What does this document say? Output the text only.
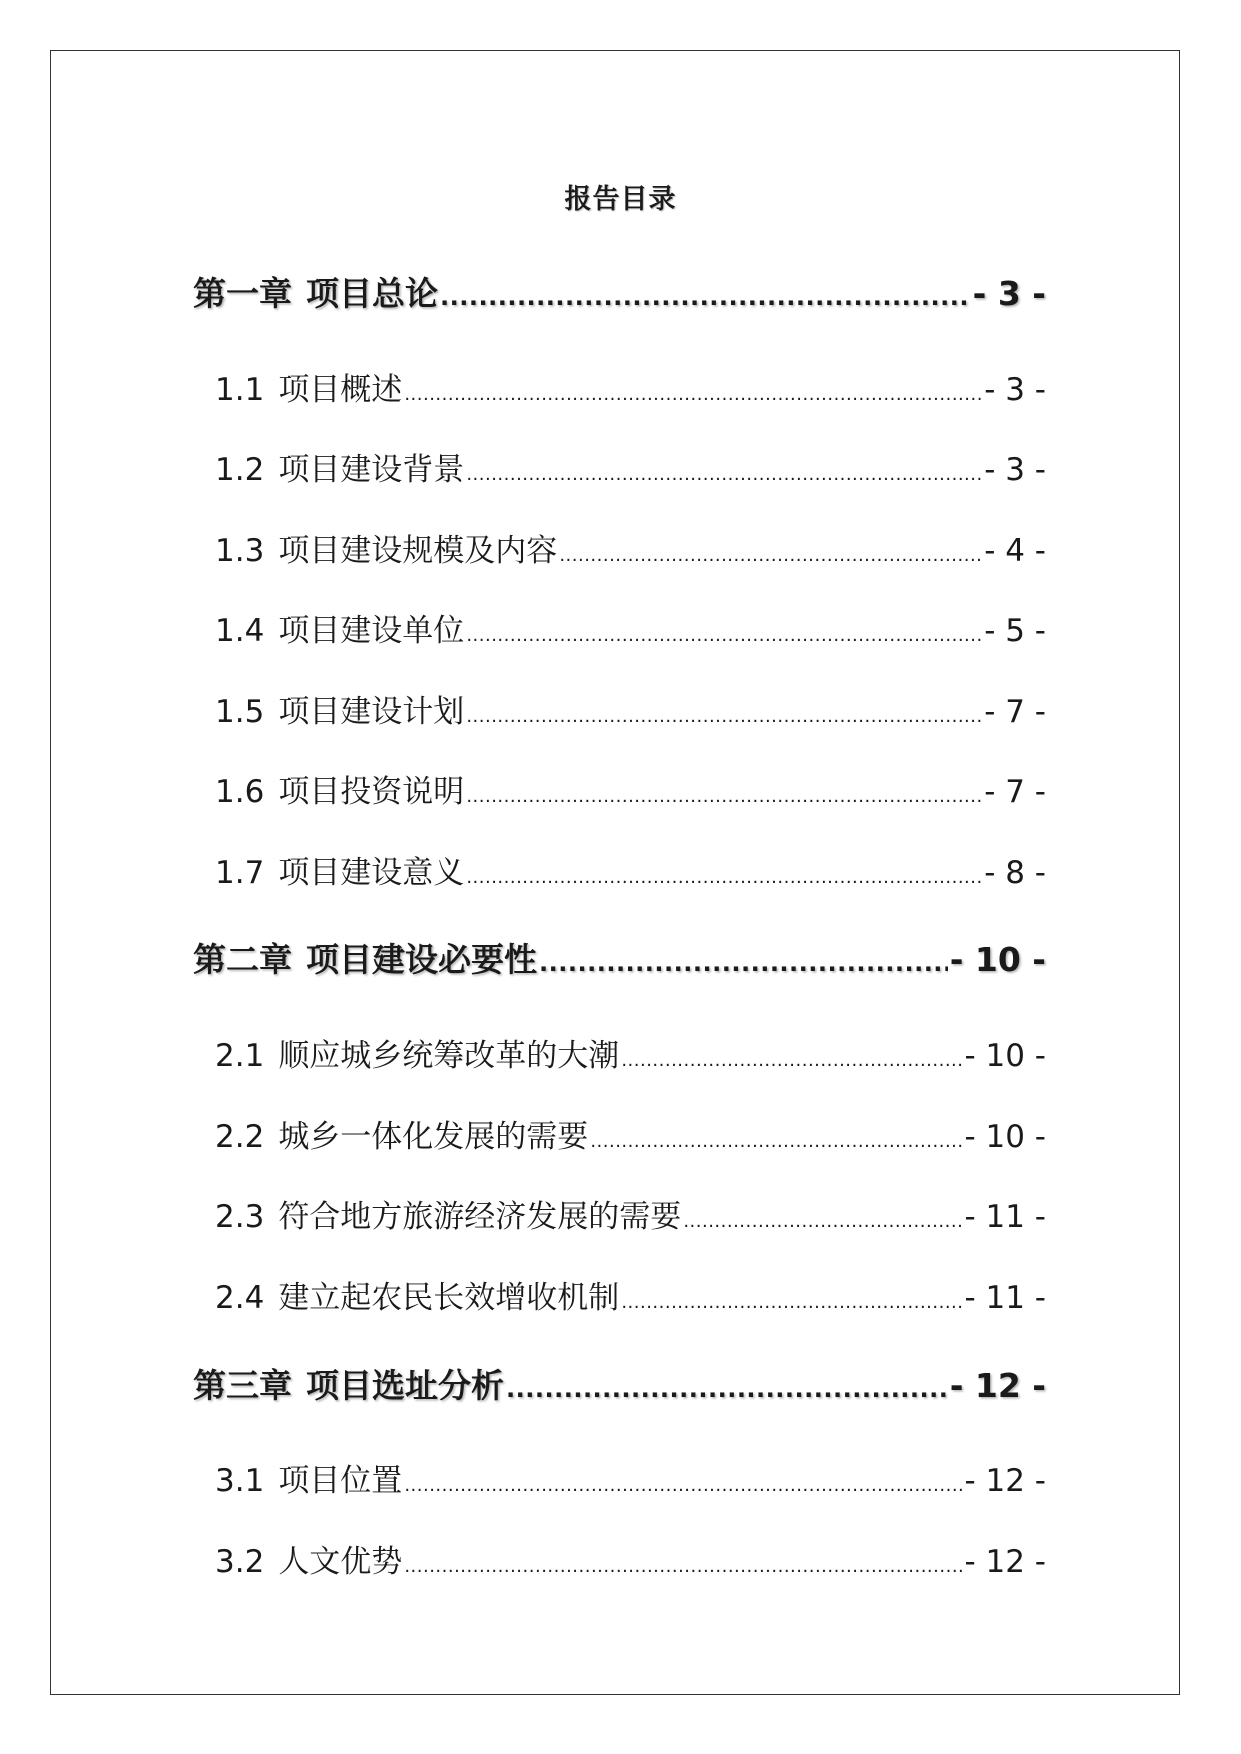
报告目录
第一章 项目总论 .....	- 3 -
1.1 项目概述 .....	- 3 -
1.2 项目建设背景 .....	- 3 -
1.3 项目建设规模及内容 .....	- 4 -
1.4 项目建设单位 .....	- 5 -
1.5 项目建设计划 .....	- 7 -
1.6 项目投资说明 .....	- 7 -
1.7 项目建设意义 .....	- 8 -
第二章 项目建设必要性 .....	- 10 -
2.1 顺应城乡统筹改革的大潮 .....	- 10 -
2.2 城乡一体化发展的需要 .....	- 10 -
2.3 符合地方旅游经济发展的需要 .....	- 11 -
2.4 建立起农民长效增收机制 .....	- 11 -
第三章 项目选址分析 .....	- 12 -
3.1 项目位置 .....	- 12 -
3.2 人文优势 .....	- 12 -
